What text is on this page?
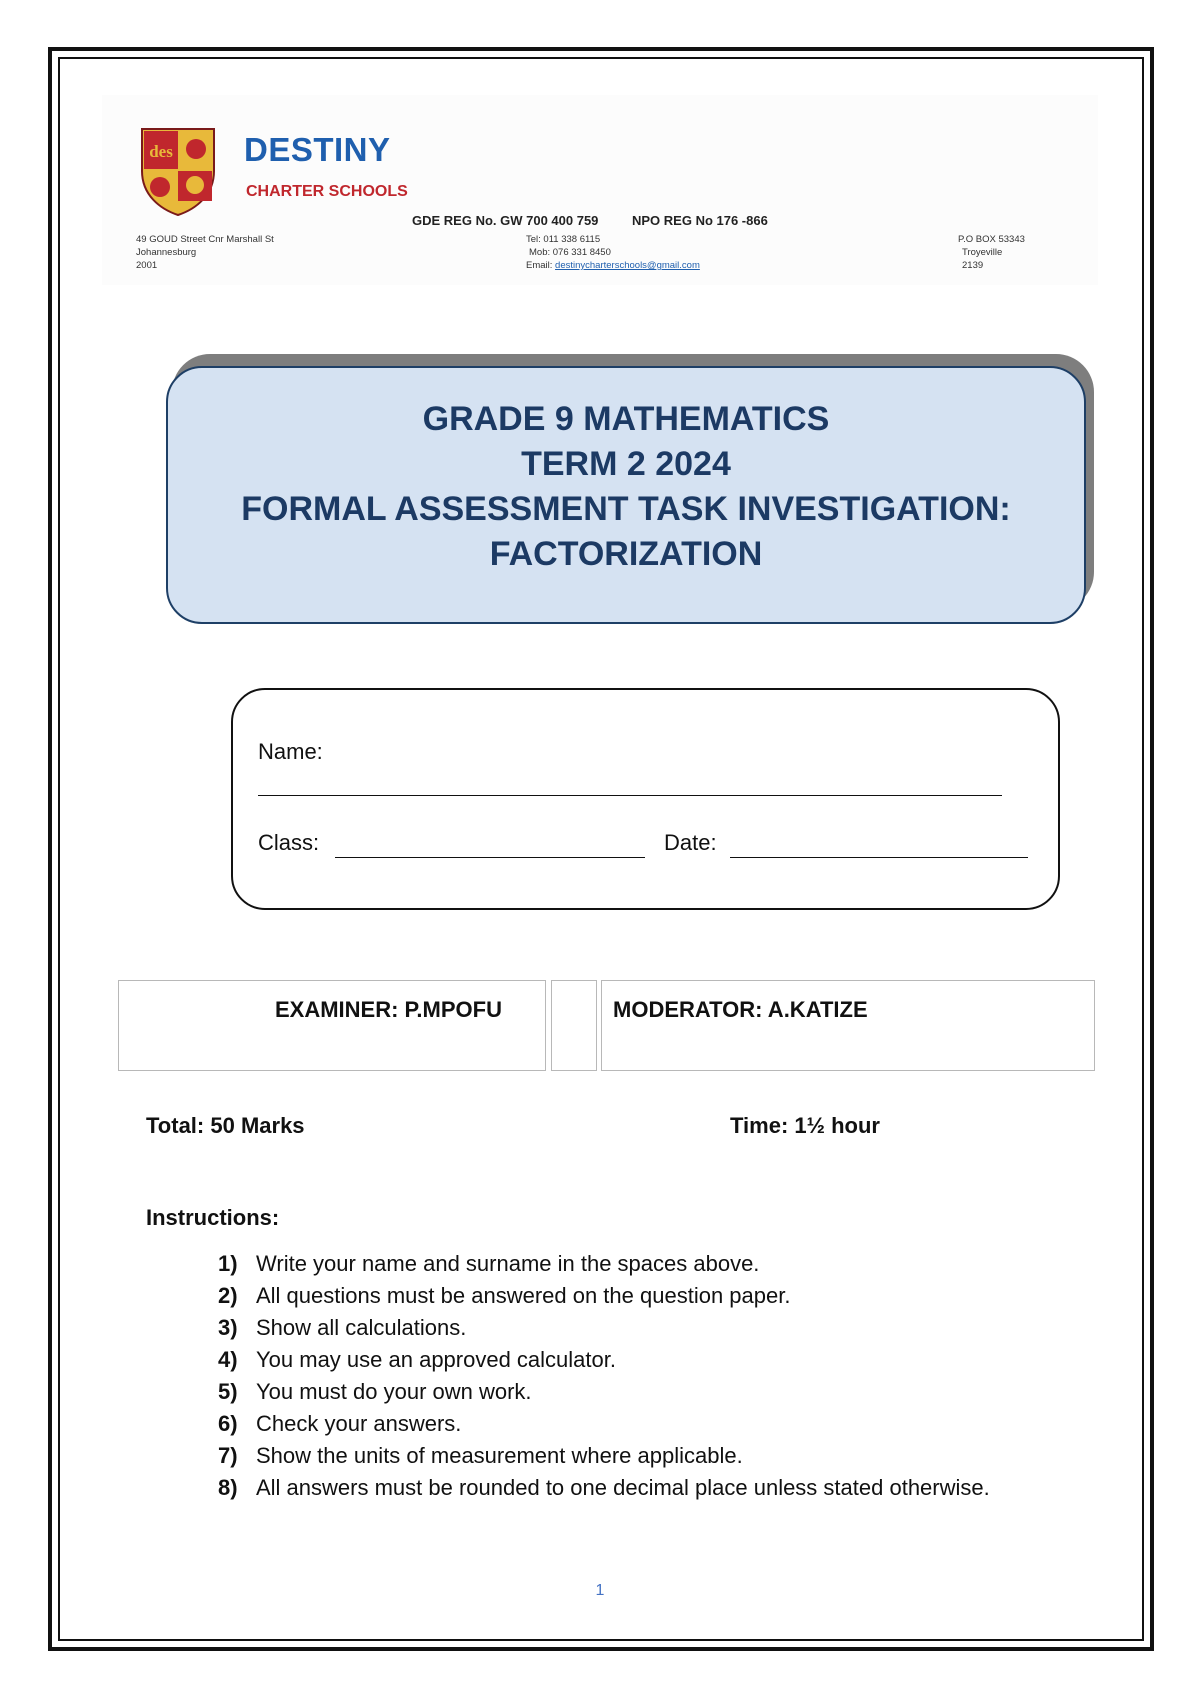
des DESTINY
CHARTER SCHOOLS
GDE REG No. GW 700 400 759	NPO REG No 176 -866
49 GOUD Street Cnr Marshall St
Johannesburg
2001
Tel: 011 338 6115
Mob: 076 331 8450
Email: destinycharterschools@gmail.com
P.O BOX 53343
Troyeville
2139
GRADE 9 MATHEMATICS
TERM 2 2024
FORMAL ASSESSMENT TASK INVESTIGATION:
FACTORIZATION
Name:
Class:	Date:
EXAMINER: P.MPOFU	MODERATOR: A.KATIZE
Total: 50 Marks	Time: 1½ hour
Instructions:
1) Write your name and surname in the spaces above.
2) All questions must be answered on the question paper.
3) Show all calculations.
4) You may use an approved calculator.
5) You must do your own work.
6) Check your answers.
7) Show the units of measurement where applicable.
8) All answers must be rounded to one decimal place unless stated otherwise.
1
